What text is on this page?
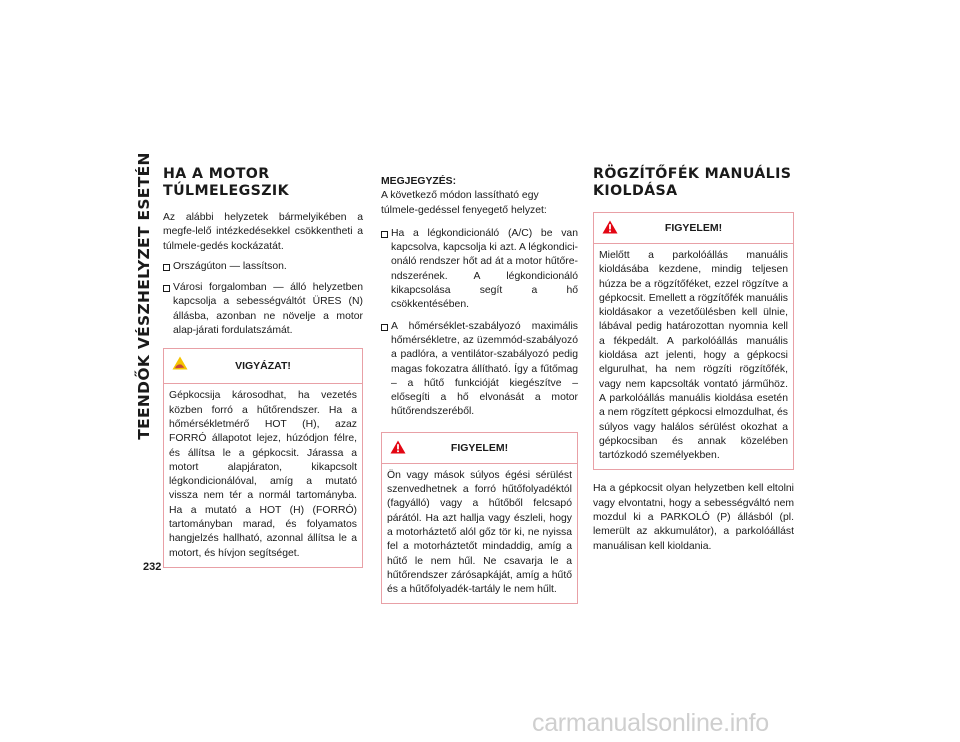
TEENDŐK VÉSZHELYZET ESETÉN
232
HA A MOTOR
TÚLMELEGSZIK

Az alábbi helyzetek bármelyikében a megfe-lelő intézkedésekkel csökkentheti a túlmele-gedés kockázatát.

Országúton — lassítson.
Városi forgalomban — álló helyzetben kapcsolja a sebességváltót ÜRES (N) állásba, azonban ne növelje a motor alap-járati fordulatszámát.
VIGYÁZAT!
Gépkocsija károsodhat, ha vezetés közben forró a hűtőrendszer. Ha a hőmérsékletmérő HOT (H), azaz FORRÓ állapotot lejez, húzódjon félre, és állítsa le a gépkocsit. Járassa a motort alapjáraton, kikapcsolt légkondicionálóval, amíg a mutató vissza nem tér a normál tartományba. Ha a mutató a HOT (H) (FORRÓ) tartományban marad, és folyamatos hangjelzés hallható, azonnal állítsa le a motort, és hívjon segítséget.

MEGJEGYZÉS:

A következő módon lassítható egy túlmele-gedéssel fenyegető helyzet:

Ha a légkondicionáló (A/C) be van kapcsolva, kapcsolja ki azt. A légkondici-onáló rendszer hőt ad át a motor hűtőre-ndszerének. A légkondicionáló kikapcsolása segít a hő csökkentésében.
A hőmérséklet-szabályozó maximális hőmérsékletre, az üzemmód-szabályozó a padlóra, a ventilátor-szabályozó pedig magas fokozatra állítható. Így a fűtőmag – a hűtő funkcióját kiegészítve – elősegíti a hő elvonását a motor hűtőrendszeréből.
FIGYELEM!
Ön vagy mások súlyos égési sérülést szenvedhetnek a forró hűtőfolyadéktól (fagyálló) vagy a hűtőből felcsapó párától. Ha azt hallja vagy észleli, hogy a motorháztető alól gőz tör ki, ne nyissa fel a motorháztetőt mindaddig, amíg a hűtő le nem hűl. Ne csavarja le a hűtőrendszer zárósapkáját, amíg a hűtő és a hűtőfolyadék-tartály le nem hűlt.
RÖGZÍTŐFÉK MANUÁLIS
KIOLDÁSA
FIGYELEM!
Mielőtt a parkolóállás manuális kioldásába kezdene, mindig teljesen húzza be a rögzítőféket, ezzel rögzítve a gépkocsit. Emellett a rögzítőfék manuális kioldásakor a vezetőülésben kell ülnie, lábával pedig határozottan nyomnia kell a fékpedált. A parkolóállás manuális kioldása azt jelenti, hogy a gépkocsi elgurulhat, ha nem rögzíti rögzítőfék, vagy nem kapcsolták vontató járműhöz. A parkolóállás manuális kioldása esetén a nem rögzített gépkocsi elmozdulhat, és súlyos vagy halálos sérülést okozhat a gépkocsiban és annak közelében tartózkodó személyekben.

Ha a gépkocsit olyan helyzetben kell eltolni vagy elvontatni, hogy a sebességváltó nem mozdul ki a PARKOLÓ (P) állásból (pl. lemerült az akkumulátor), a parkolóállást manuálisan kell kioldania.

carmanualsonline.info
